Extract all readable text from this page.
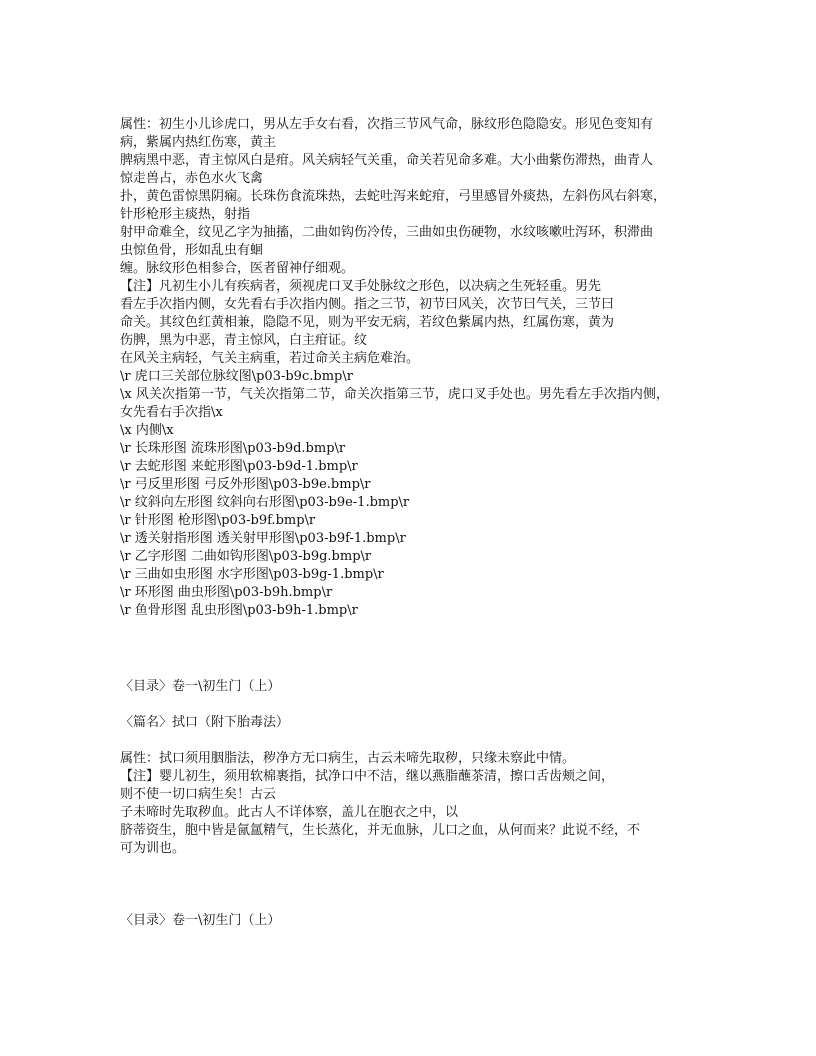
属性：初生小儿诊虎口，男从左手女右看，次指三节风气命，脉纹形色隐隐安。形见色变知有
病，紫属内热红伤寒，黄主
脾病黑中恶，青主惊风白是疳。风关病轻气关重，命关若见命多难。大小曲紫伤滞热，曲青人
惊走兽占，赤色水火飞禽
扑，黄色雷惊黑阴痫。长珠伤食流珠热，去蛇吐泻来蛇疳，弓里感冒外痰热，左斜伤风右斜寒，
针形枪形主痰热，射指
射甲命难全，纹见乙字为抽搐，二曲如钩伤冷传，三曲如虫伤硬物，水纹咳嗽吐泻环，积滞曲
虫惊鱼骨，形如乱虫有蛔
缠。脉纹形色相参合，医者留神仔细观。
【注】凡初生小儿有疾病者，须视虎口叉手处脉纹之形色，以决病之生死轻重。男先
看左手次指内侧，女先看右手次指内侧。指之三节，初节曰风关，次节曰气关，三节曰
命关。其纹色红黄相兼，隐隐不见，则为平安无病，若纹色紫属内热，红属伤寒，黄为
伤脾，黑为中恶，青主惊风，白主疳证。纹
在风关主病轻，气关主病重，若过命关主病危难治。
\r 虎口三关部位脉纹图\p03-b9c.bmp\r
\x 风关次指第一节，气关次指第二节，命关次指第三节，虎口叉手处也。男先看左手次指内侧，
女先看右手次指\x
\x 内侧\x
\r 长珠形图 流珠形图\p03-b9d.bmp\r
\r 去蛇形图 来蛇形图\p03-b9d-1.bmp\r
\r 弓反里形图 弓反外形图\p03-b9e.bmp\r
\r 纹斜向左形图 纹斜向右形图\p03-b9e-1.bmp\r
\r 针形图 枪形图\p03-b9f.bmp\r
\r 透关射指形图 透关射甲形图\p03-b9f-1.bmp\r
\r 乙字形图 二曲如钩形图\p03-b9g.bmp\r
\r 三曲如虫形图 水字形图\p03-b9g-1.bmp\r
\r 环形图 曲虫形图\p03-b9h.bmp\r
\r 鱼骨形图 乱虫形图\p03-b9h-1.bmp\r
〈目录〉卷一\初生门（上）
〈篇名〉拭口（附下胎毒法）
属性：拭口须用胭脂法，秽净方无口病生，古云未啼先取秽，只缘未察此中情。
【注】婴儿初生，须用软棉裹指，拭净口中不洁，继以燕脂蘸茶清，擦口舌齿颊之间，
则不使一切口病生矣！古云
子未啼时先取秽血。此古人不详体察，盖儿在胞衣之中，以
脐蒂资生，胞中皆是氤氲精气，生长蒸化，并无血脉，儿口之血，从何而来？此说不经，不
可为训也。
〈目录〉卷一\初生门（上）
